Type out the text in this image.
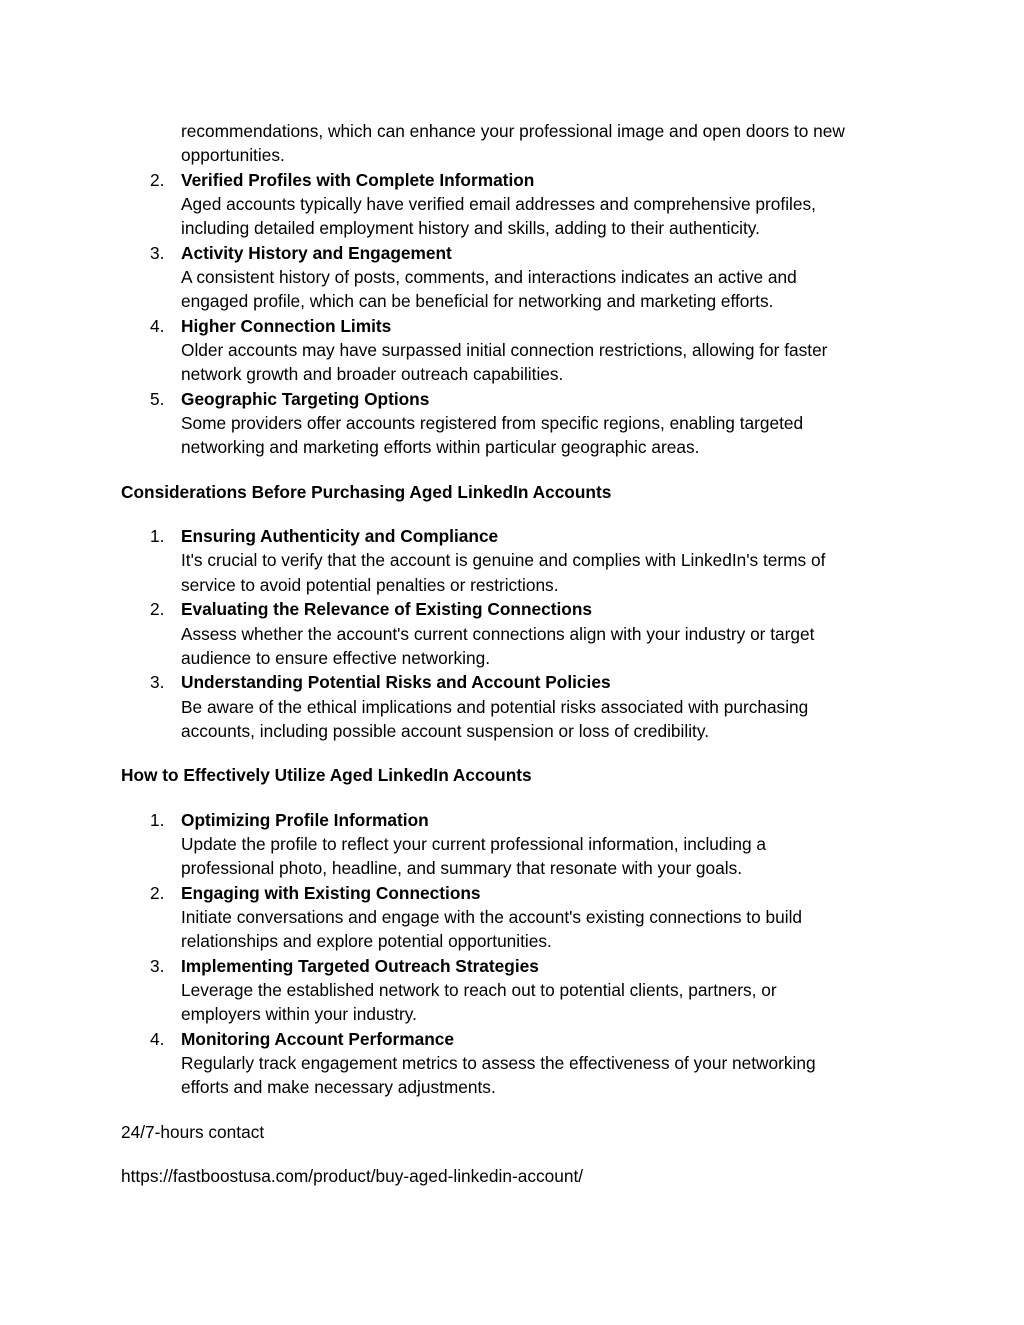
recommendations, which can enhance your professional image and open doors to new
opportunities.
2. Verified Profiles with Complete Information
Aged accounts typically have verified email addresses and comprehensive profiles,
including detailed employment history and skills, adding to their authenticity.
3. Activity History and Engagement
A consistent history of posts, comments, and interactions indicates an active and
engaged profile, which can be beneficial for networking and marketing efforts.
4. Higher Connection Limits
Older accounts may have surpassed initial connection restrictions, allowing for faster
network growth and broader outreach capabilities.
5. Geographic Targeting Options
Some providers offer accounts registered from specific regions, enabling targeted
networking and marketing efforts within particular geographic areas.
Considerations Before Purchasing Aged LinkedIn Accounts
1. Ensuring Authenticity and Compliance
It's crucial to verify that the account is genuine and complies with LinkedIn's terms of
service to avoid potential penalties or restrictions.
2. Evaluating the Relevance of Existing Connections
Assess whether the account's current connections align with your industry or target
audience to ensure effective networking.
3. Understanding Potential Risks and Account Policies
Be aware of the ethical implications and potential risks associated with purchasing
accounts, including possible account suspension or loss of credibility.
How to Effectively Utilize Aged LinkedIn Accounts
1. Optimizing Profile Information
Update the profile to reflect your current professional information, including a
professional photo, headline, and summary that resonate with your goals.
2. Engaging with Existing Connections
Initiate conversations and engage with the account's existing connections to build
relationships and explore potential opportunities.
3. Implementing Targeted Outreach Strategies
Leverage the established network to reach out to potential clients, partners, or
employers within your industry.
4. Monitoring Account Performance
Regularly track engagement metrics to assess the effectiveness of your networking
efforts and make necessary adjustments.
24/7-hours contact
https://fastboostusa.com/product/buy-aged-linkedin-account/
